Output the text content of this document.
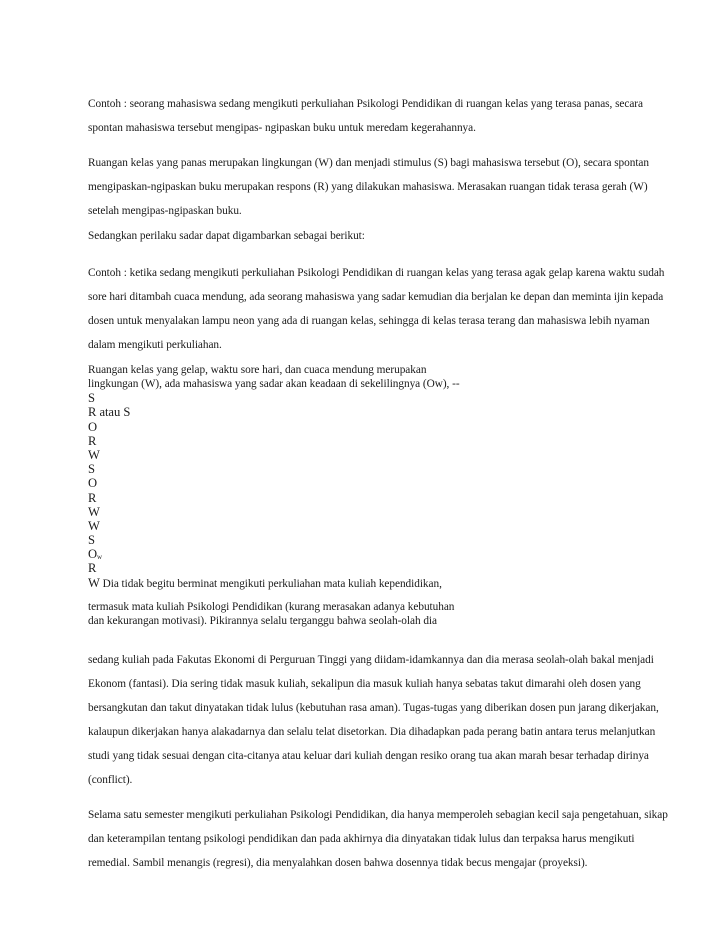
Contoh : seorang mahasiswa sedang mengikuti perkuliahan Psikologi Pendidikan di ruangan kelas yang terasa panas, secara
spontan mahasiswa tersebut mengipas- ngipaskan buku untuk meredam kegerahannya.
Ruangan kelas yang panas merupakan lingkungan (W) dan menjadi stimulus (S) bagi mahasiswa tersebut (O), secara spontan
mengipaskan-ngipaskan buku merupakan respons (R) yang dilakukan mahasiswa. Merasakan ruangan tidak terasa gerah (W)
setelah mengipas-ngipaskan buku.
Sedangkan perilaku sadar dapat digambarkan sebagai berikut:
Contoh : ketika sedang mengikuti perkuliahan Psikologi Pendidikan di ruangan kelas yang terasa agak gelap karena waktu sudah
sore hari ditambah cuaca mendung, ada seorang mahasiswa yang sadar kemudian dia berjalan ke depan dan meminta ijin kepada
dosen untuk menyalakan lampu neon yang ada di ruangan kelas, sehingga di kelas terasa terang dan mahasiswa lebih nyaman
dalam mengikuti perkuliahan.
Ruangan kelas yang gelap, waktu sore hari, dan cuaca mendung merupakan
lingkungan (W), ada mahasiswa yang sadar akan keadaan di sekelilingnya (Ow), --
S
R atau S
O
R
W
S
O
R
W
W
S
Ow
R
W Dia tidak begitu berminat mengikuti perkuliahan mata kuliah kependidikan,
termasuk mata kuliah Psikologi Pendidikan (kurang merasakan adanya kebutuhan
dan kekurangan motivasi). Pikirannya selalu terganggu bahwa seolah-olah dia
sedang kuliah pada Fakutas Ekonomi di Perguruan Tinggi yang diidam-idamkannya dan dia merasa seolah-olah bakal menjadi
Ekonom (fantasi). Dia sering tidak masuk kuliah, sekalipun dia masuk kuliah hanya sebatas takut dimarahi oleh dosen yang
bersangkutan dan takut dinyatakan tidak lulus (kebutuhan rasa aman). Tugas-tugas yang diberikan dosen pun jarang dikerjakan,
kalaupun dikerjakan hanya alakadarnya dan selalu telat disetorkan. Dia dihadapkan pada perang batin antara terus melanjutkan
studi yang tidak sesuai dengan cita-citanya atau keluar dari kuliah dengan resiko orang tua akan marah besar terhadap dirinya
(conflict).
Selama satu semester mengikuti perkuliahan Psikologi Pendidikan, dia hanya memperoleh sebagian kecil saja pengetahuan, sikap
dan keterampilan tentang psikologi pendidikan dan pada akhirnya dia dinyatakan tidak lulus dan terpaksa harus mengikuti
remedial. Sambil menangis (regresi), dia menyalahkan dosen bahwa dosennya tidak becus mengajar (proyeksi).
